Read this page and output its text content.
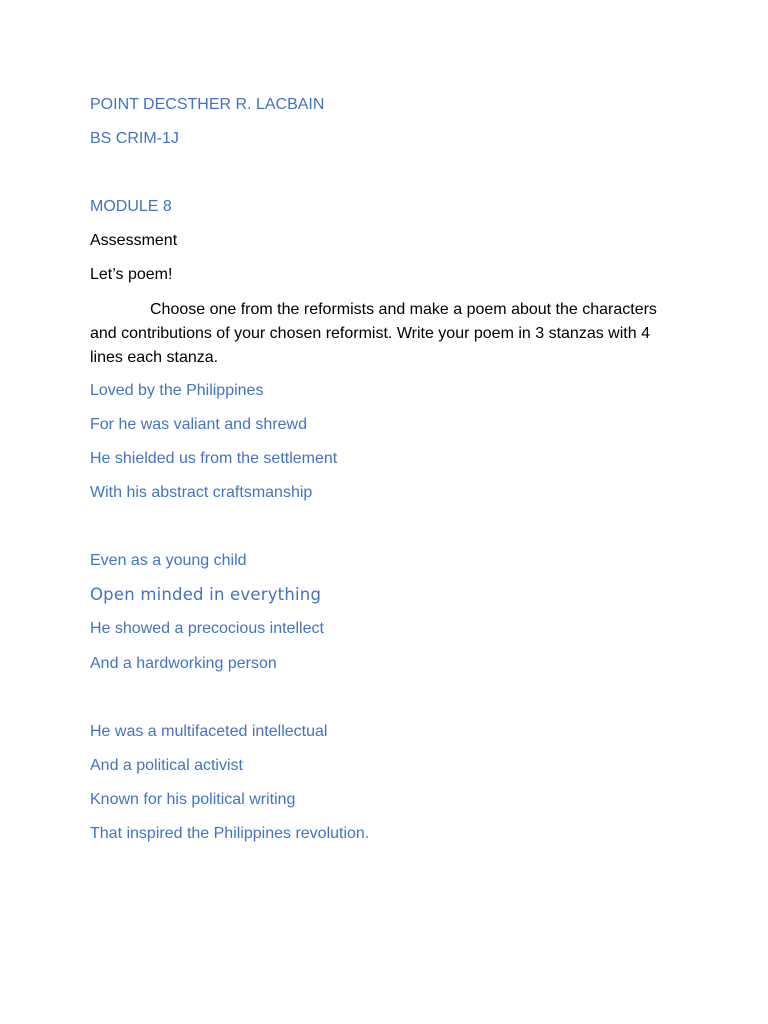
POINT DECSTHER R. LACBAIN
BS CRIM-1J
MODULE 8
Assessment
Let’s poem!
Choose one from the reformists and make a poem about the characters and contributions of your chosen reformist. Write your poem in 3 stanzas with 4 lines each stanza.
Loved by the Philippines
For he was valiant and shrewd
He shielded us from the settlement
With his abstract craftsmanship
Even as a young child
Open minded in everything
He showed a precocious intellect
And a hardworking person
He was a multifaceted intellectual
And a political activist
Known for his political writing
That inspired the Philippines revolution.
